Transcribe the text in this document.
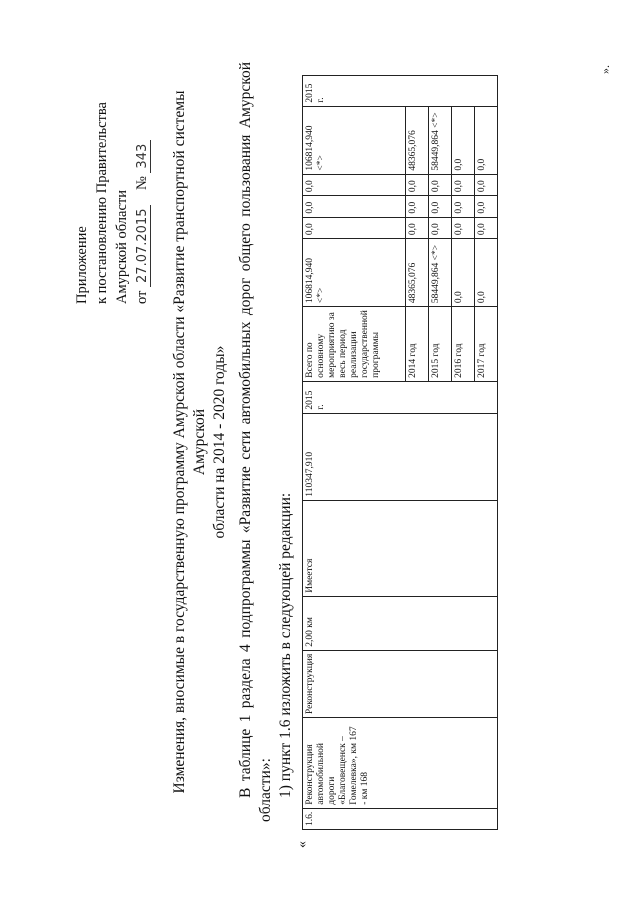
Приложение к постановлению Правительства Амурской области от 27.07.2015    № 343 Изменения, вносимые в государственную программу Амурской области «Развитие транспортной системы Амурской области на 2014 - 2020 годы» В таблице 1 раздела 4 подпрограммы «Развитие сети автомобильных дорог общего пользования Амурской области»: 1) пункт 1.6 изложить в следующей редакции:
«
1.6.	Реконструкция автомобильной дороги «Благовещенск – Гомелевка», км 167 - км 168	Реконструкция	2,00 км	Имеется	110347,910	2015 г.	Всего по основному мероприятию за весь период реализации государственной программы	106814,940 <*>	0,0	0,0	0,0	106814,940 <*>	2015 г.
							2014 год	48365,076	0,0	0,0	0,0	48365,076	
							2015 год	58449,864 <*>	0,0	0,0	0,0	58449,864 <*>	
							2016 год	0,0	0,0	0,0	0,0	0,0	
							2017 год	0,0	0,0	0,0	0,0	0,0	
».
